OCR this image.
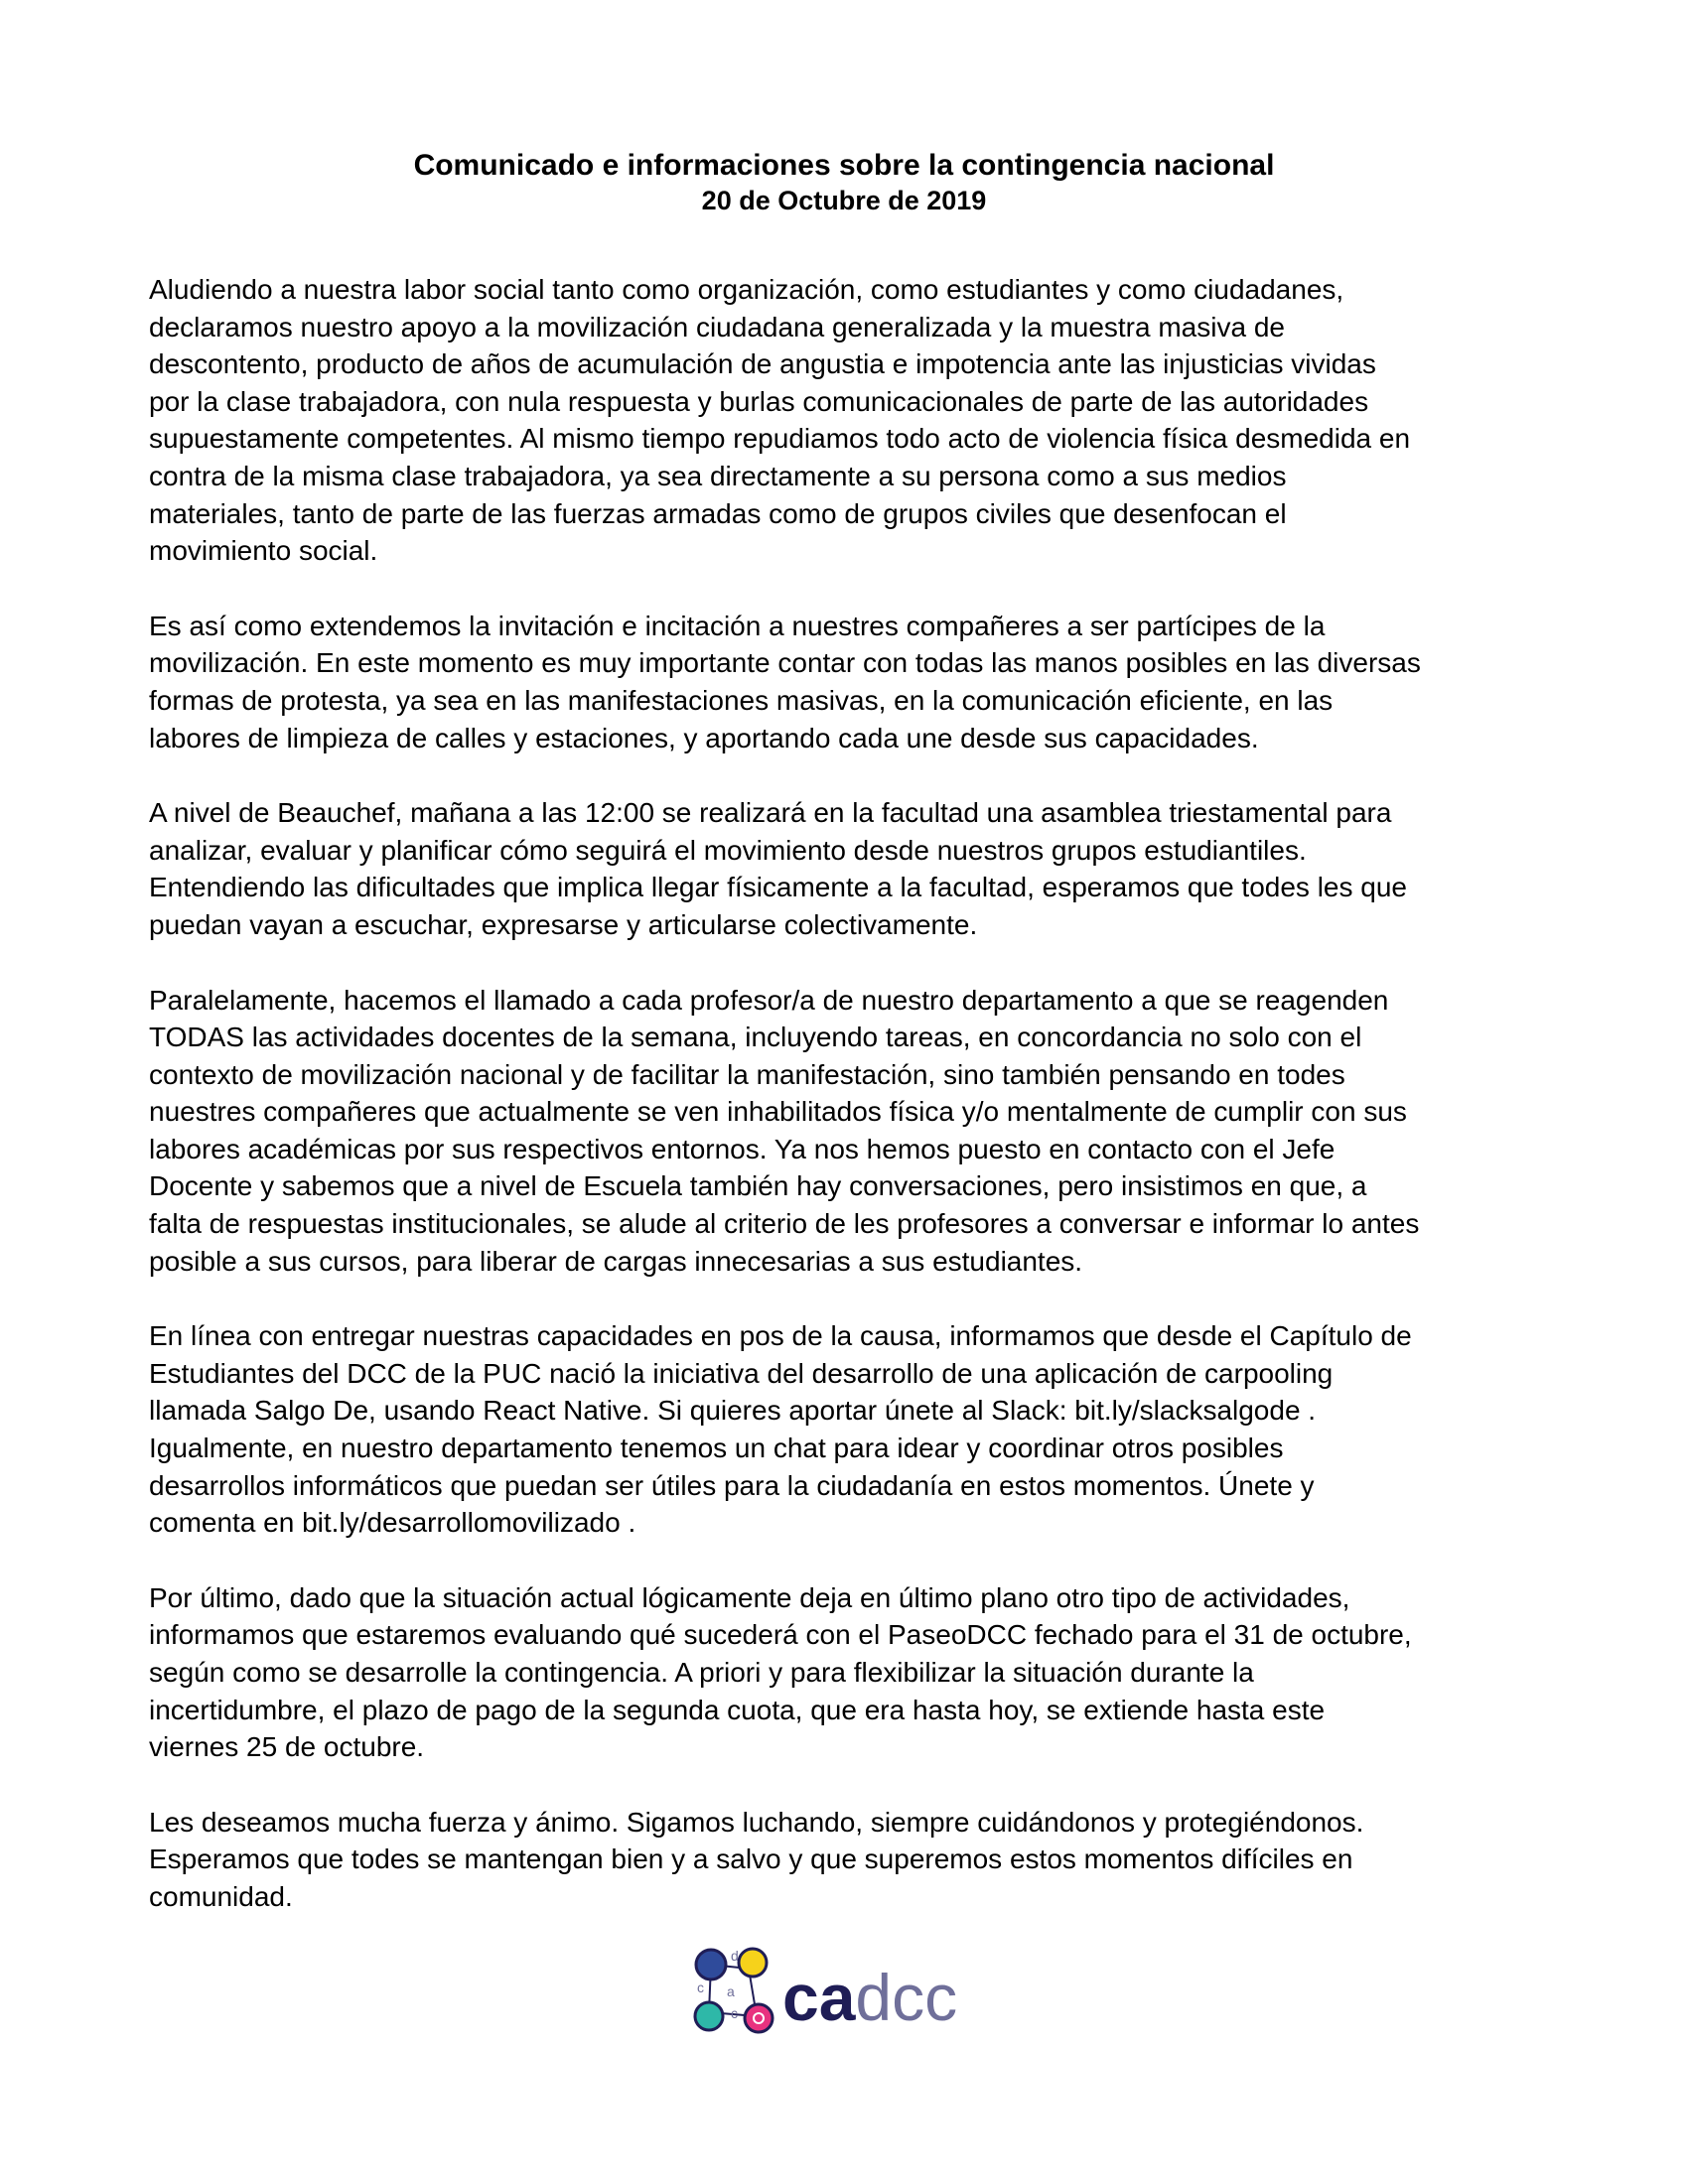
Comunicado e informaciones sobre la contingencia nacional
20 de Octubre de 2019

Aludiendo a nuestra labor social tanto como organización, como estudiantes y como ciudadanes,
declaramos nuestro apoyo a la movilización ciudadana generalizada y la muestra masiva de
descontento, producto de años de acumulación de angustia e impotencia ante las injusticias vividas
por la clase trabajadora, con nula respuesta y burlas comunicacionales de parte de las autoridades
supuestamente competentes. Al mismo tiempo repudiamos todo acto de violencia física desmedida en
contra de la misma clase trabajadora, ya sea directamente a su persona como a sus medios
materiales, tanto de parte de las fuerzas armadas como de grupos civiles que desenfocan el
movimiento social.

Es así como extendemos la invitación e incitación a nuestres compañeres a ser partícipes de la
movilización. En este momento es muy importante contar con todas las manos posibles en las diversas
formas de protesta, ya sea en las manifestaciones masivas, en la comunicación eficiente, en las
labores de limpieza de calles y estaciones, y aportando cada une desde sus capacidades.

A nivel de Beauchef, mañana a las 12:00 se realizará en la facultad una asamblea triestamental para
analizar, evaluar y planificar cómo seguirá el movimiento desde nuestros grupos estudiantiles.
Entendiendo las dificultades que implica llegar físicamente a la facultad, esperamos que todes les que
puedan vayan a escuchar, expresarse y articularse colectivamente.

Paralelamente, hacemos el llamado a cada profesor/a de nuestro departamento a que se reagenden
TODAS las actividades docentes de la semana, incluyendo tareas, en concordancia no solo con el
contexto de movilización nacional y de facilitar la manifestación, sino también pensando en todes
nuestres compañeres que actualmente se ven inhabilitados física y/o mentalmente de cumplir con sus
labores académicas por sus respectivos entornos. Ya nos hemos puesto en contacto con el Jefe
Docente y sabemos que a nivel de Escuela también hay conversaciones, pero insistimos en que, a
falta de respuestas institucionales, se alude al criterio de les profesores a conversar e informar lo antes
posible a sus cursos, para liberar de cargas innecesarias a sus estudiantes.

En línea con entregar nuestras capacidades en pos de la causa, informamos que desde el Capítulo de
Estudiantes del DCC de la PUC nació la iniciativa del desarrollo de una aplicación de carpooling
llamada Salgo De, usando React Native. Si quieres aportar únete al Slack: bit.ly/slacksalgode .
Igualmente, en nuestro departamento tenemos un chat para idear y coordinar otros posibles
desarrollos informáticos que puedan ser útiles para la ciudadanía en estos momentos. Únete y
comenta en bit.ly/desarrollomovilizado .

Por último, dado que la situación actual lógicamente deja en último plano otro tipo de actividades,
informamos que estaremos evaluando qué sucederá con el PaseoDCC fechado para el 31 de octubre,
según como se desarrolle la contingencia. A priori y para flexibilizar la situación durante la
incertidumbre, el plazo de pago de la segunda cuota, que era hasta hoy, se extiende hasta este
viernes 25 de octubre.

Les deseamos mucha fuerza y ánimo. Sigamos luchando, siempre cuidándonos y protegiéndonos.
Esperamos que todes se mantengan bien y a salvo y que superemos estos momentos difíciles en
comunidad.

d
c a
c cadcc
